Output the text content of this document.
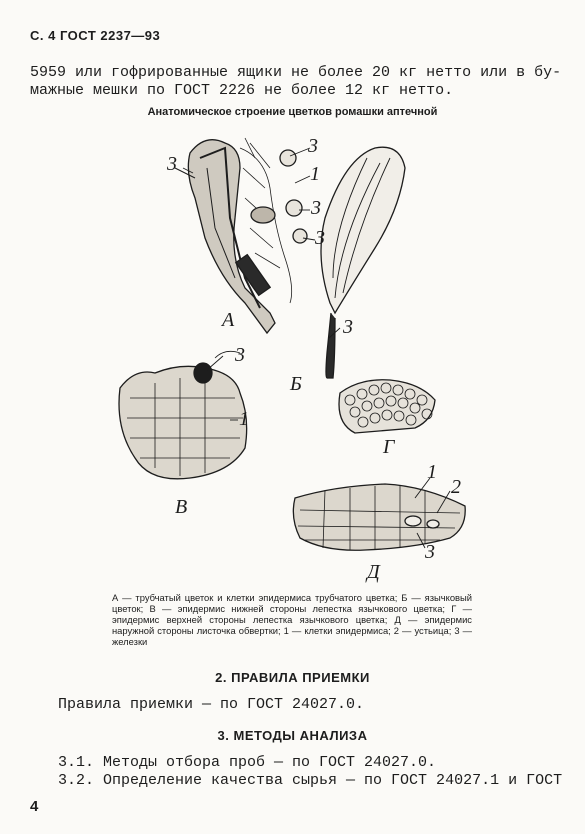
С. 4 ГОСТ 2237—93
5959 или гофрированные ящики не более 20 кг нетто или в бу-
мажные мешки по ГОСТ 2226 не более 12 кг нетто.
Анатомическое строение цветков ромашки аптечной
3
3
1
3
3
А	3
Б
3
1
В
Г
1
2
3
Д
А — трубчатый цветок и клетки эпидермиса трубчатого цветка; Б — язычковый цветок; В — эпидермис нижней стороны лепестка язычкового цветка; Г — эпидермис верхней стороны лепестка язычкового цветка; Д — эпидермис наружной стороны листочка обвертки; 1 — клетки эпидермиса; 2 — устьица; 3 — железки
2. ПРАВИЛА ПРИЕМКИ
Правила приемки — по ГОСТ 24027.0.
3. МЕТОДЫ АНАЛИЗА
3.1. Методы отбора проб — по ГОСТ 24027.0.
3.2. Определение качества сырья — по ГОСТ 24027.1 и ГОСТ
4
